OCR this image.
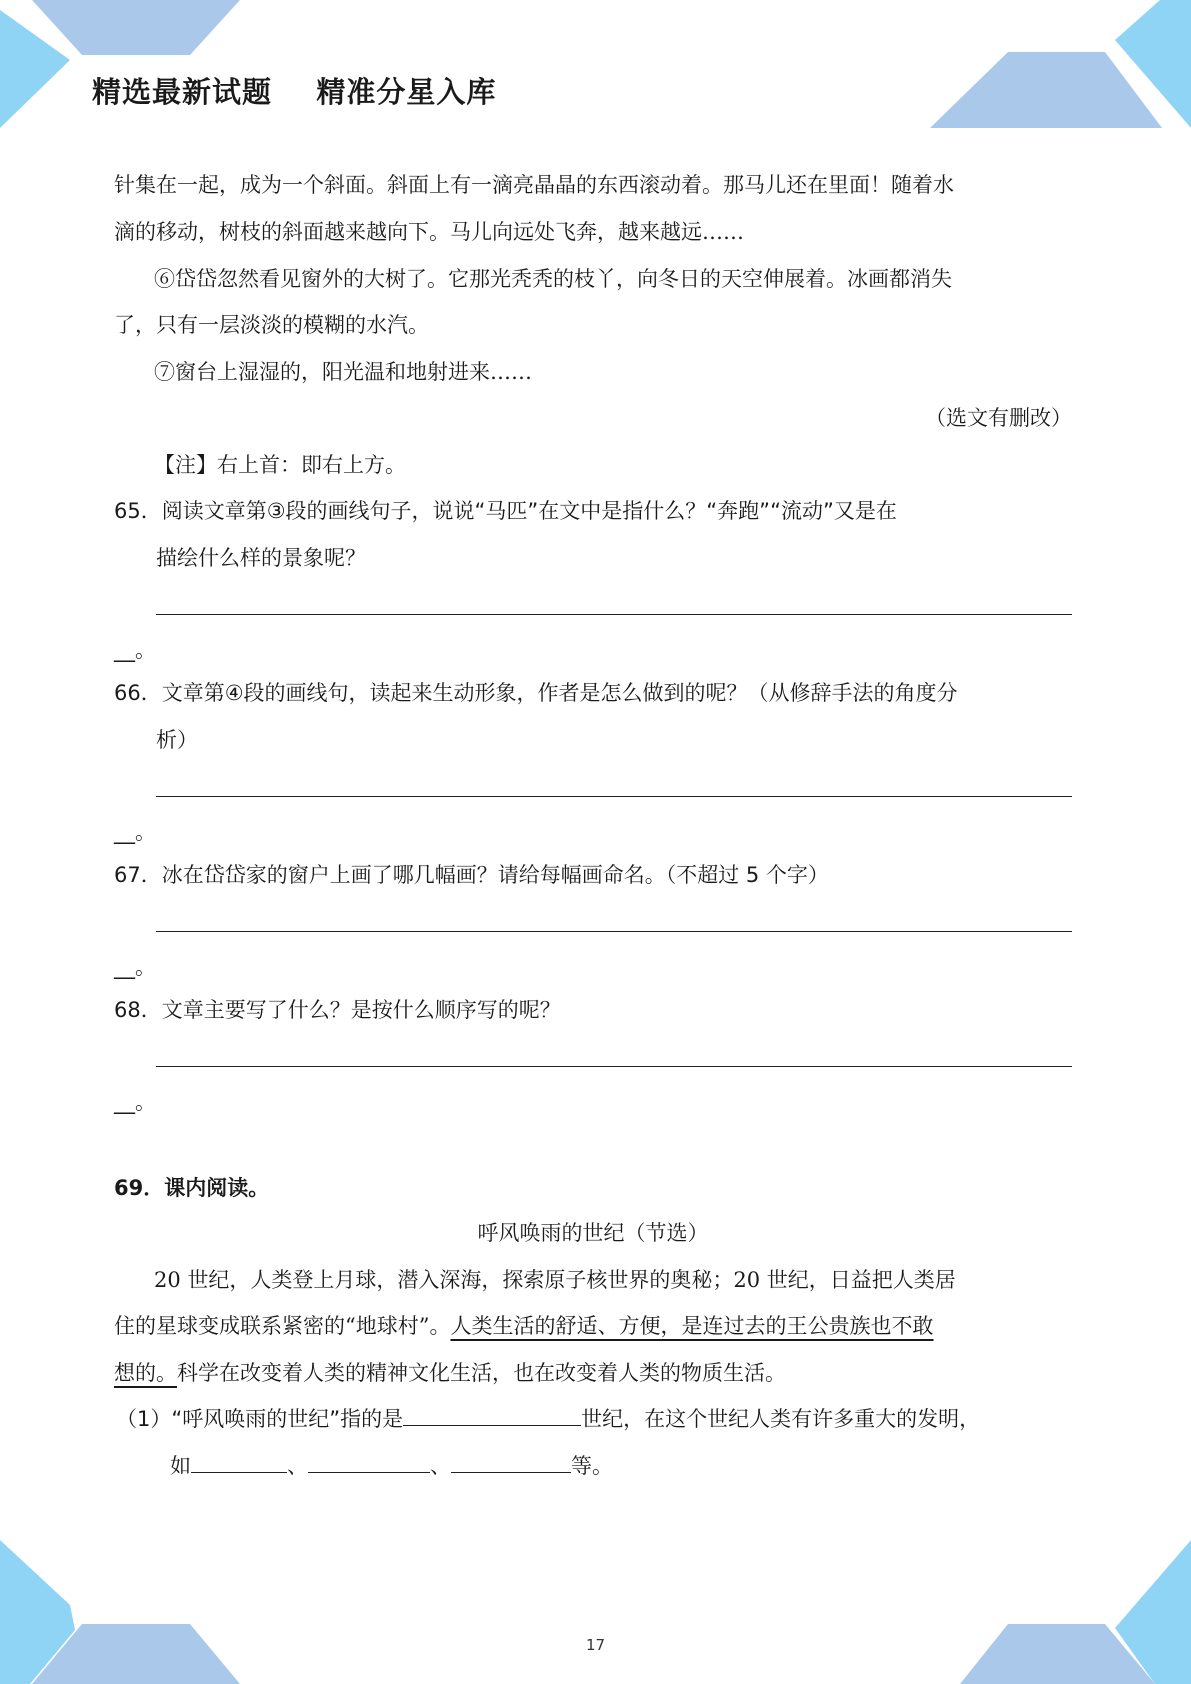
精选最新试题    精准分星入库
针集在一起，成为一个斜面。斜面上有一滴亮晶晶的东西滚动着。那马儿还在里面！随着水
滴的移动，树枝的斜面越来越向下。马儿向远处飞奔，越来越远……
⑥岱岱忽然看见窗外的大树了。它那光秃秃的枝丫，向冬日的天空伸展着。冰画都消失
了，只有一层淡淡的模糊的水汽。
⑦窗台上湿湿的，阳光温和地射进来……
（选文有删改）
【注】右上首：即右上方。
65．阅读文章第③段的画线句子，说说“马匹”在文中是指什么？“奔跑”“流动”又是在
描绘什么样的景象呢？
__。
66．文章第④段的画线句，读起来生动形象，作者是怎么做到的呢？（从修辞手法的角度分
析）
__。
67．冰在岱岱家的窗户上画了哪几幅画？请给每幅画命名。（不超过 5 个字）
__。
68．文章主要写了什么？是按什么顺序写的呢？
__。
69．课内阅读。
呼风唤雨的世纪（节选）
20 世纪，人类登上月球，潜入深海，探索原子核世界的奥秘；20 世纪，日益把人类居
住的星球变成联系紧密的“地球村”。人类生活的舒适、方便，是连过去的王公贵族也不敢
想的。科学在改变着人类的精神文化生活，也在改变着人类的物质生活。
（1）“呼风唤雨的世纪”指的是	世纪，在这个世纪人类有许多重大的发明，
如	、	、	等。
17
